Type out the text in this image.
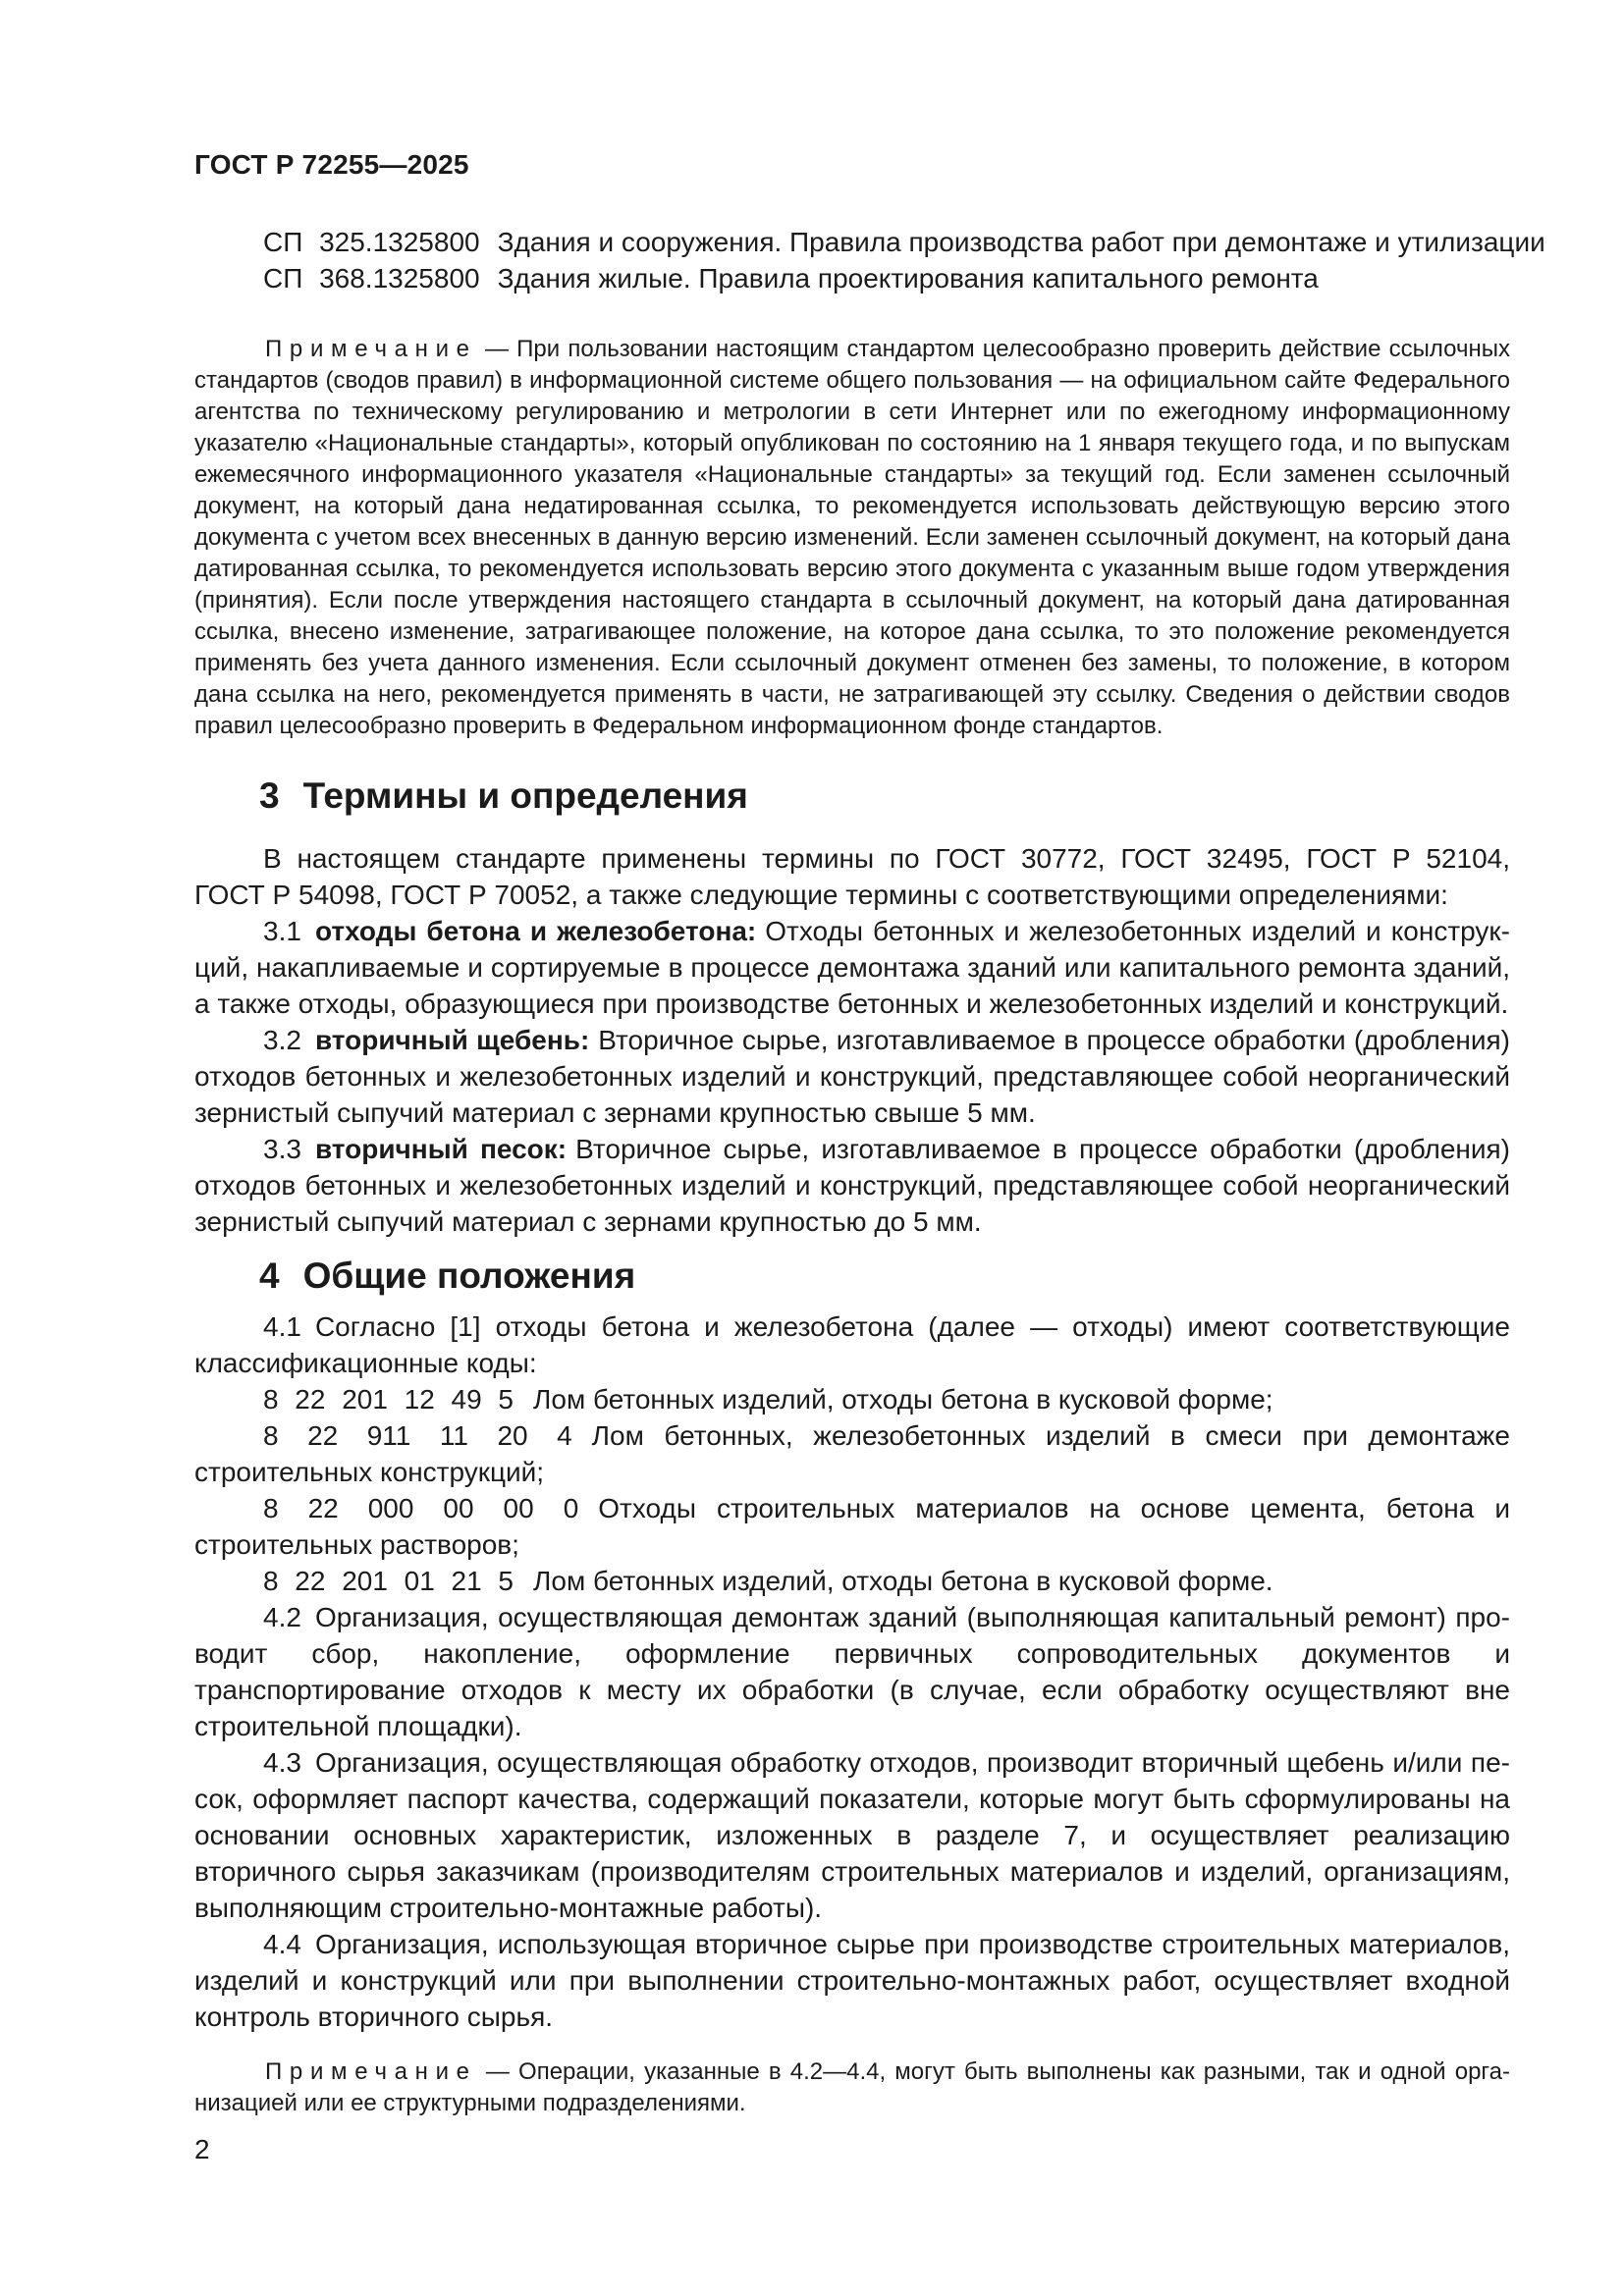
ГОСТ Р 72255—2025

СП 325.1325800 Здания и сооружения. Правила производства работ при демонтаже и утилизации

СП 368.1325800 Здания жилые. Правила проектирования капитального ремонта

Примечание — При пользовании настоящим стандартом целесообразно проверить действие ссылочных стандартов (сводов правил) в информационной системе общего пользования — на официальном сайте Федерального агентства по техническому регулированию и метрологии в сети Интернет или по ежегодному информационному указателю «Национальные стандарты», который опубликован по состоянию на 1 января текущего года, и по выпускам ежемесячного информационного указателя «Национальные стандарты» за текущий год. Если заменен ссылочный документ, на который дана недатированная ссылка, то рекомендуется использовать действующую версию этого документа с учетом всех внесенных в данную версию изменений. Если заменен ссылочный документ, на который дана датированная ссылка, то рекомендуется использовать версию этого документа с указанным выше годом утверждения (принятия). Если после утверждения настоящего стандарта в ссылочный документ, на который дана датированная ссылка, внесено изменение, затрагивающее положение, на которое дана ссылка, то это положение рекомендуется применять без учета данного изменения. Если ссылочный документ отменен без замены, то положение, в котором дана ссылка на него, рекомендуется применять в части, не затрагивающей эту ссылку. Сведения о действии сводов правил целесообразно проверить в Федеральном информационном фонде стандартов.

3 Термины и определения

В настоящем стандарте применены термины по ГОСТ 30772, ГОСТ 32495, ГОСТ Р 52104, ГОСТ Р 54098, ГОСТ Р 70052, а также следующие термины с соответствующими определениями:

3.1 отходы бетона и железобетона: Отходы бетонных и железобетонных изделий и конструкций, накапливаемые и сортируемые в процессе демонтажа зданий или капитального ремонта зданий, а также отходы, образующиеся при производстве бетонных и железобетонных изделий и конструкций.

3.2 вторичный щебень: Вторичное сырье, изготавливаемое в процессе обработки (дробления) отходов бетонных и железобетонных изделий и конструкций, представляющее собой неорганический зернистый сыпучий материал с зернами крупностью свыше 5 мм.

3.3 вторичный песок: Вторичное сырье, изготавливаемое в процессе обработки (дробления) отходов бетонных и железобетонных изделий и конструкций, представляющее собой неорганический зернистый сыпучий материал с зернами крупностью до 5 мм.

4 Общие положения

4.1 Согласно [1] отходы бетона и железобетона (далее — отходы) имеют соответствующие классификационные коды:

8 22 201 12 49 5 Лом бетонных изделий, отходы бетона в кусковой форме;

8 22 911 11 20 4 Лом бетонных, железобетонных изделий в смеси при демонтаже строительных конструкций;

8 22 000 00 00 0 Отходы строительных материалов на основе цемента, бетона и строительных растворов;

8 22 201 01 21 5 Лом бетонных изделий, отходы бетона в кусковой форме.

4.2 Организация, осуществляющая демонтаж зданий (выполняющая капитальный ремонт) проводит сбор, накопление, оформление первичных сопроводительных документов и транспортирование отходов к месту их обработки (в случае, если обработку осуществляют вне строительной площадки).

4.3 Организация, осуществляющая обработку отходов, производит вторичный щебень и/или песок, оформляет паспорт качества, содержащий показатели, которые могут быть сформулированы на основании основных характеристик, изложенных в разделе 7, и осуществляет реализацию вторичного сырья заказчикам (производителям строительных материалов и изделий, организациям, выполняющим строительно-монтажные работы).

4.4 Организация, использующая вторичное сырье при производстве строительных материалов, изделий и конструкций или при выполнении строительно-монтажных работ, осуществляет входной контроль вторичного сырья.

Примечание — Операции, указанные в 4.2—4.4, могут быть выполнены как разными, так и одной организацией или ее структурными подразделениями.

2
